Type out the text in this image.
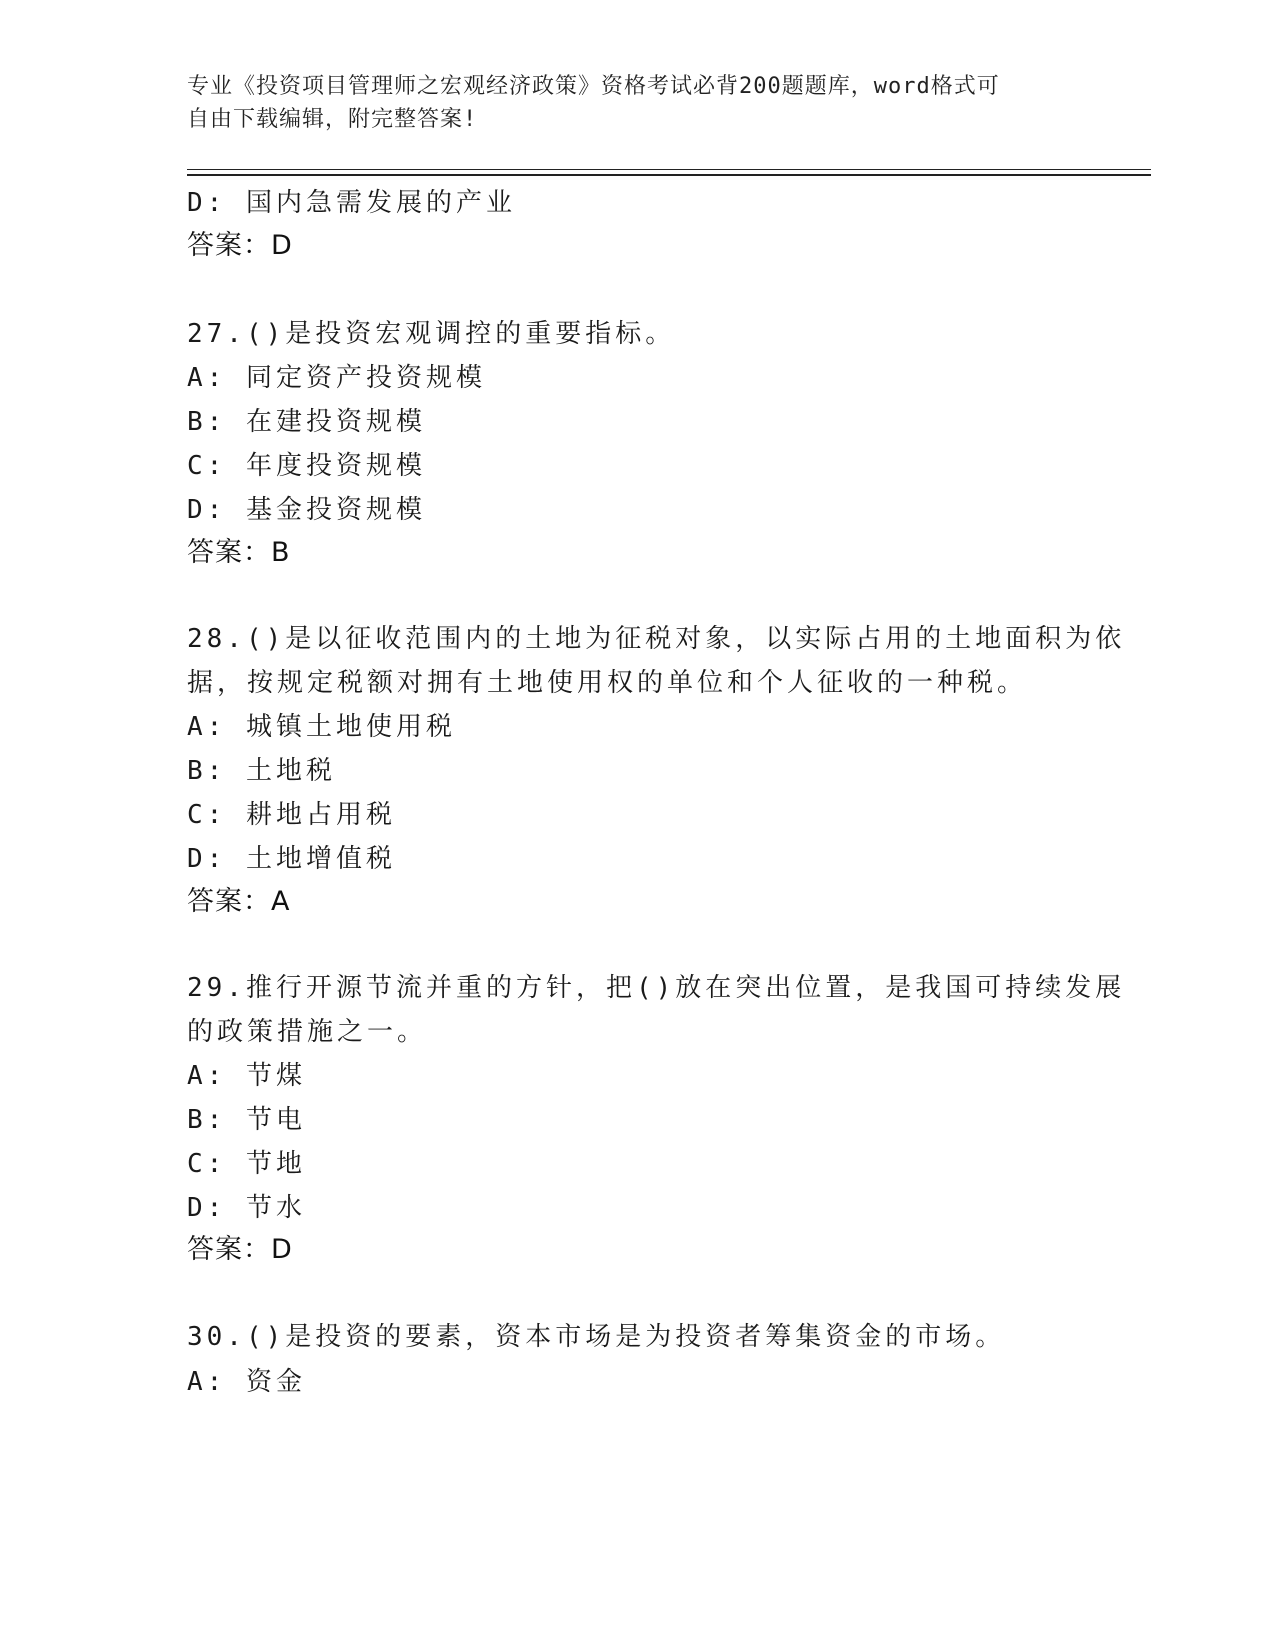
专业《投资项目管理师之宏观经济政策》资格考试必背200题题库，word格式可
自由下载编辑，附完整答案!
D: 国内急需发展的产业
答案：D
27.()是投资宏观调控的重要指标。
A: 同定资产投资规模
B: 在建投资规模
C: 年度投资规模
D: 基金投资规模
答案：B
28.()是以征收范围内的土地为征税对象，以实际占用的土地面积为依
据，按规定税额对拥有土地使用权的单位和个人征收的一种税。
A: 城镇土地使用税
B: 土地税
C: 耕地占用税
D: 土地增值税
答案：A
29.推行开源节流并重的方针，把()放在突出位置，是我国可持续发展
的政策措施之一。
A: 节煤
B: 节电
C: 节地
D: 节水
答案：D
30.()是投资的要素，资本市场是为投资者筹集资金的市场。
A: 资金
